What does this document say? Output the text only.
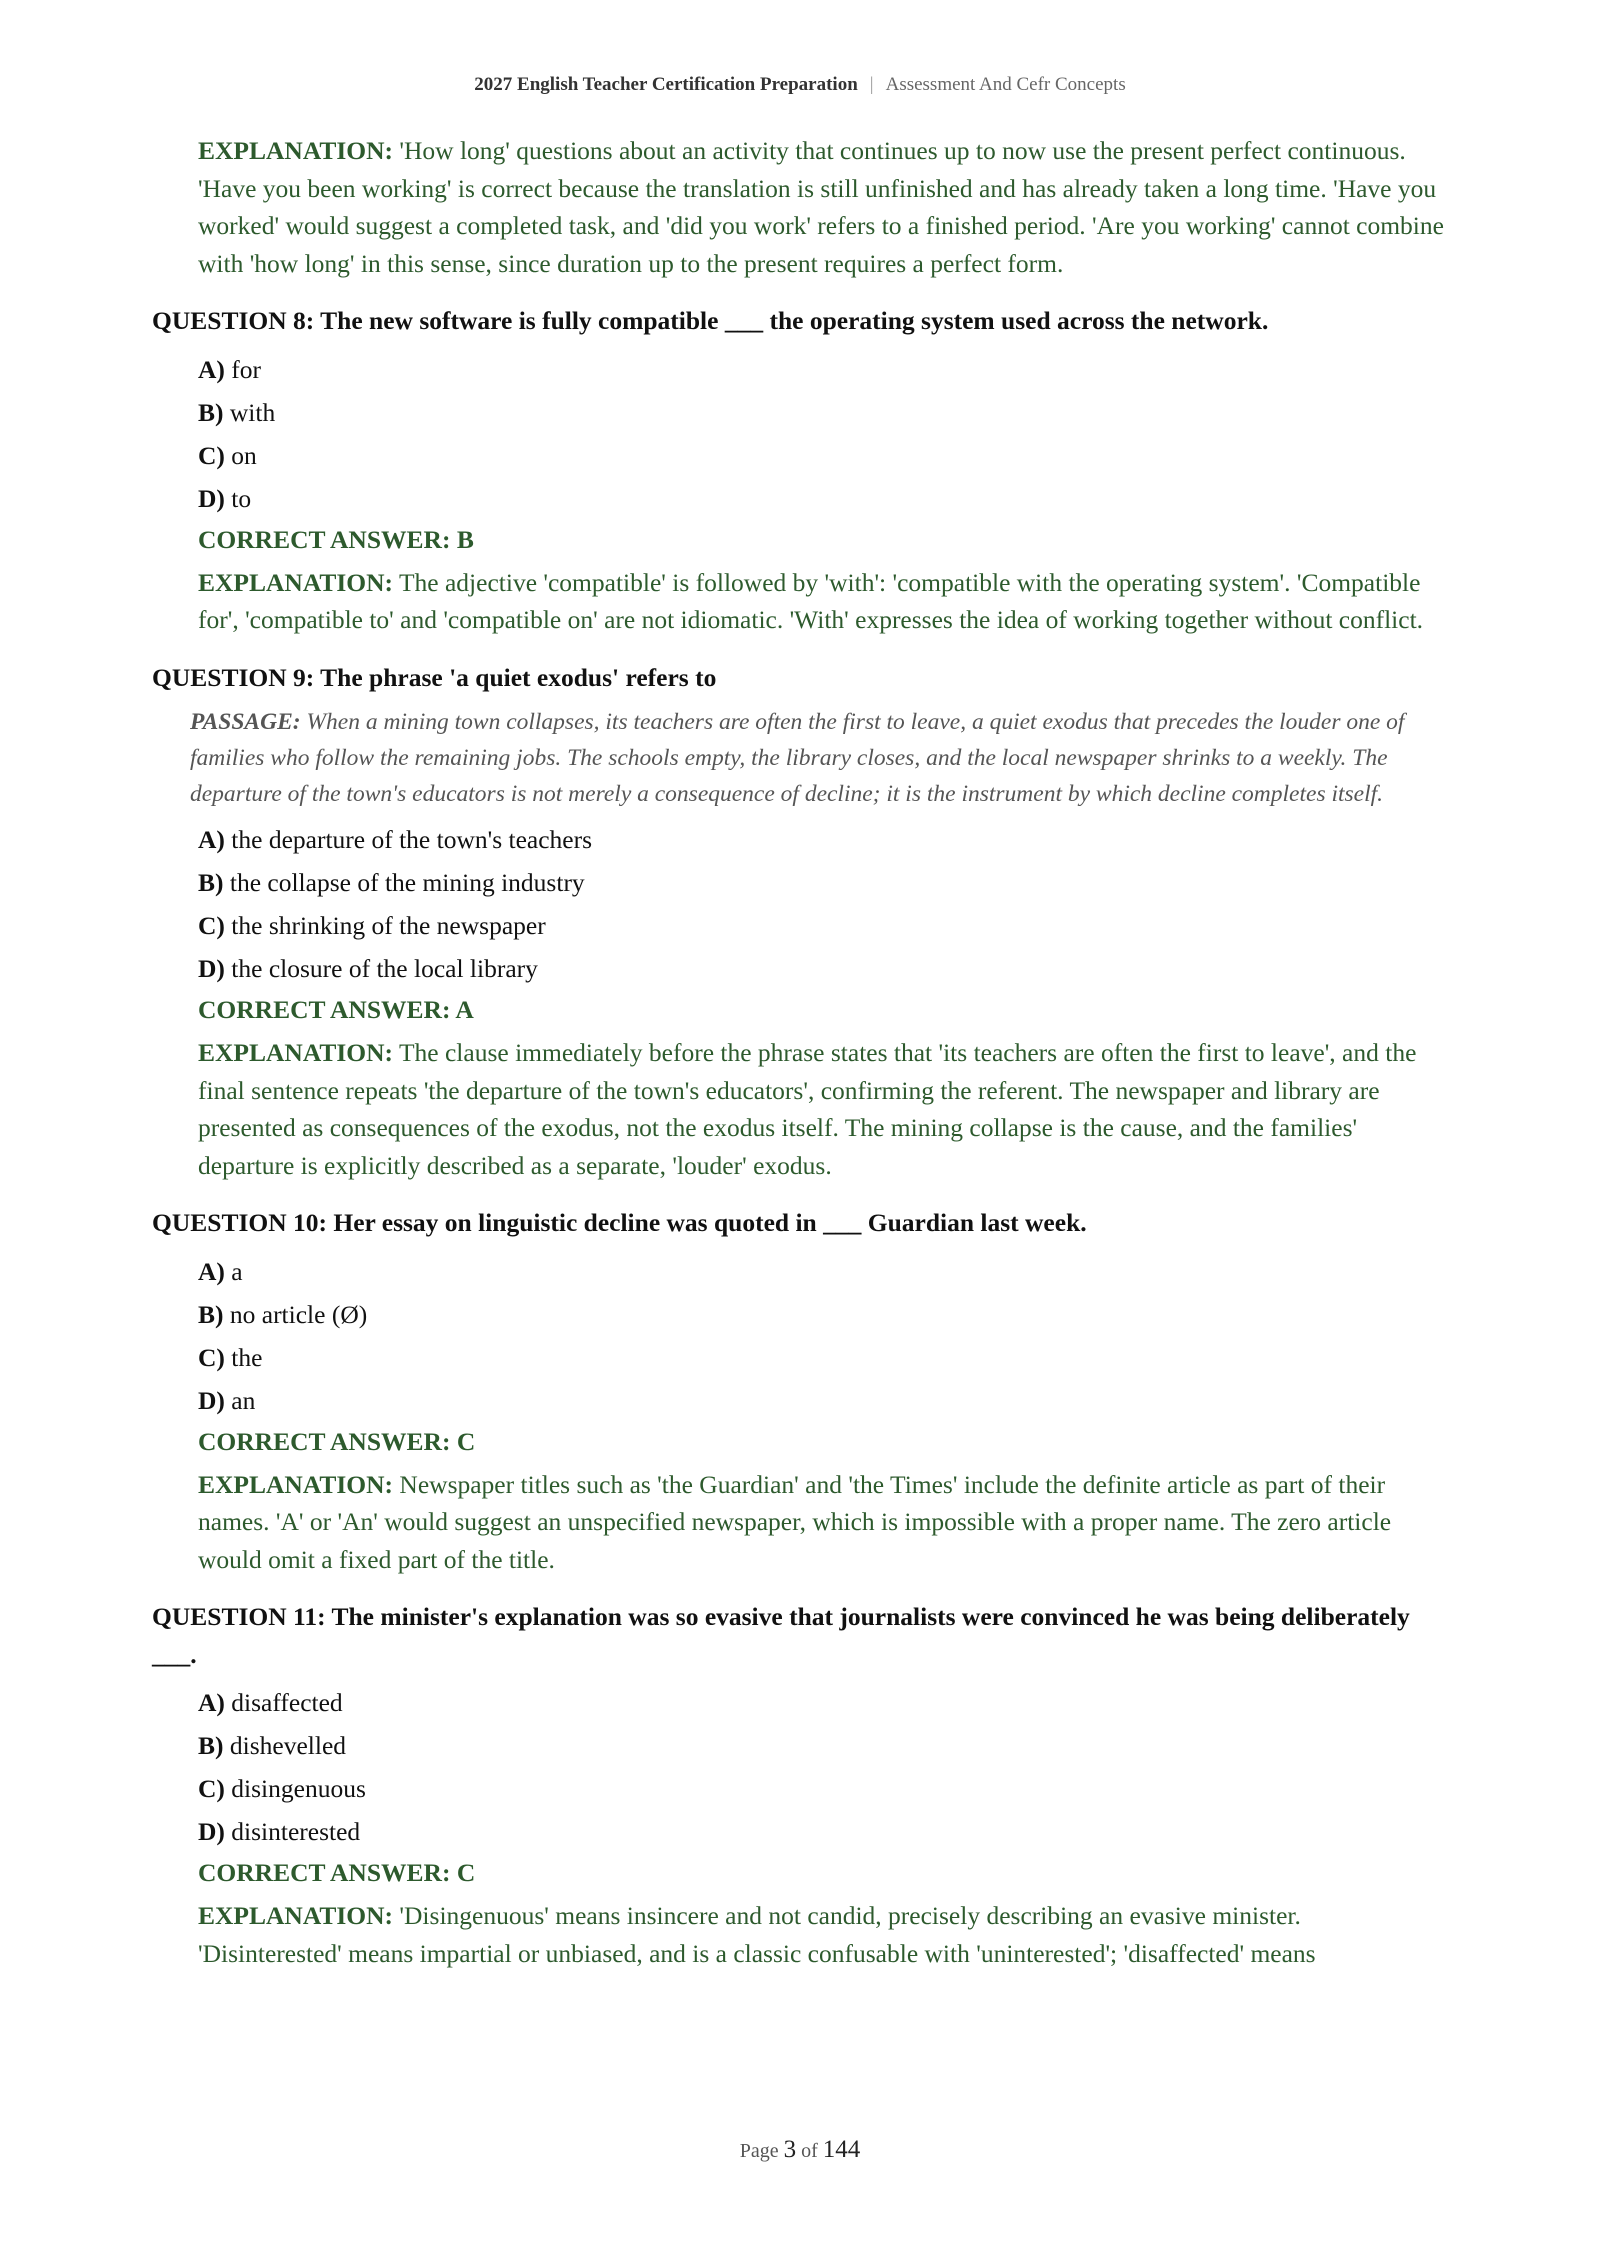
2027 English Teacher Certification Preparation | Assessment And Cefr Concepts

EXPLANATION: 'How long' questions about an activity that continues up to now use the present perfect continuous. 'Have you been working' is correct because the translation is still unfinished and has already taken a long time. 'Have you worked' would suggest a completed task, and 'did you work' refers to a finished period. 'Are you working' cannot combine with 'how long' in this sense, since duration up to the present requires a perfect form.

QUESTION 8: The new software is fully compatible ___ the operating system used across the network.

A) for
B) with
C) on
D) to

CORRECT ANSWER: B

EXPLANATION: The adjective 'compatible' is followed by 'with': 'compatible with the operating system'. 'Compatible for', 'compatible to' and 'compatible on' are not idiomatic. 'With' expresses the idea of working together without conflict.

QUESTION 9: The phrase 'a quiet exodus' refers to

PASSAGE: When a mining town collapses, its teachers are often the first to leave, a quiet exodus that precedes the louder one of families who follow the remaining jobs. The schools empty, the library closes, and the local newspaper shrinks to a weekly. The departure of the town's educators is not merely a consequence of decline; it is the instrument by which decline completes itself.

A) the departure of the town's teachers
B) the collapse of the mining industry
C) the shrinking of the newspaper
D) the closure of the local library

CORRECT ANSWER: A

EXPLANATION: The clause immediately before the phrase states that 'its teachers are often the first to leave', and the final sentence repeats 'the departure of the town's educators', confirming the referent. The newspaper and library are presented as consequences of the exodus, not the exodus itself. The mining collapse is the cause, and the families' departure is explicitly described as a separate, 'louder' exodus.

QUESTION 10: Her essay on linguistic decline was quoted in ___ Guardian last week.

A) a
B) no article (Ø)
C) the
D) an

CORRECT ANSWER: C

EXPLANATION: Newspaper titles such as 'the Guardian' and 'the Times' include the definite article as part of their names. 'A' or 'An' would suggest an unspecified newspaper, which is impossible with a proper name. The zero article would omit a fixed part of the title.

QUESTION 11: The minister's explanation was so evasive that journalists were convinced he was being deliberately ___.

A) disaffected
B) dishevelled
C) disingenuous
D) disinterested

CORRECT ANSWER: C

EXPLANATION: 'Disingenuous' means insincere and not candid, precisely describing an evasive minister. 'Disinterested' means impartial or unbiased, and is a classic confusable with 'uninterested'; 'disaffected' means

Page 3 of 144
